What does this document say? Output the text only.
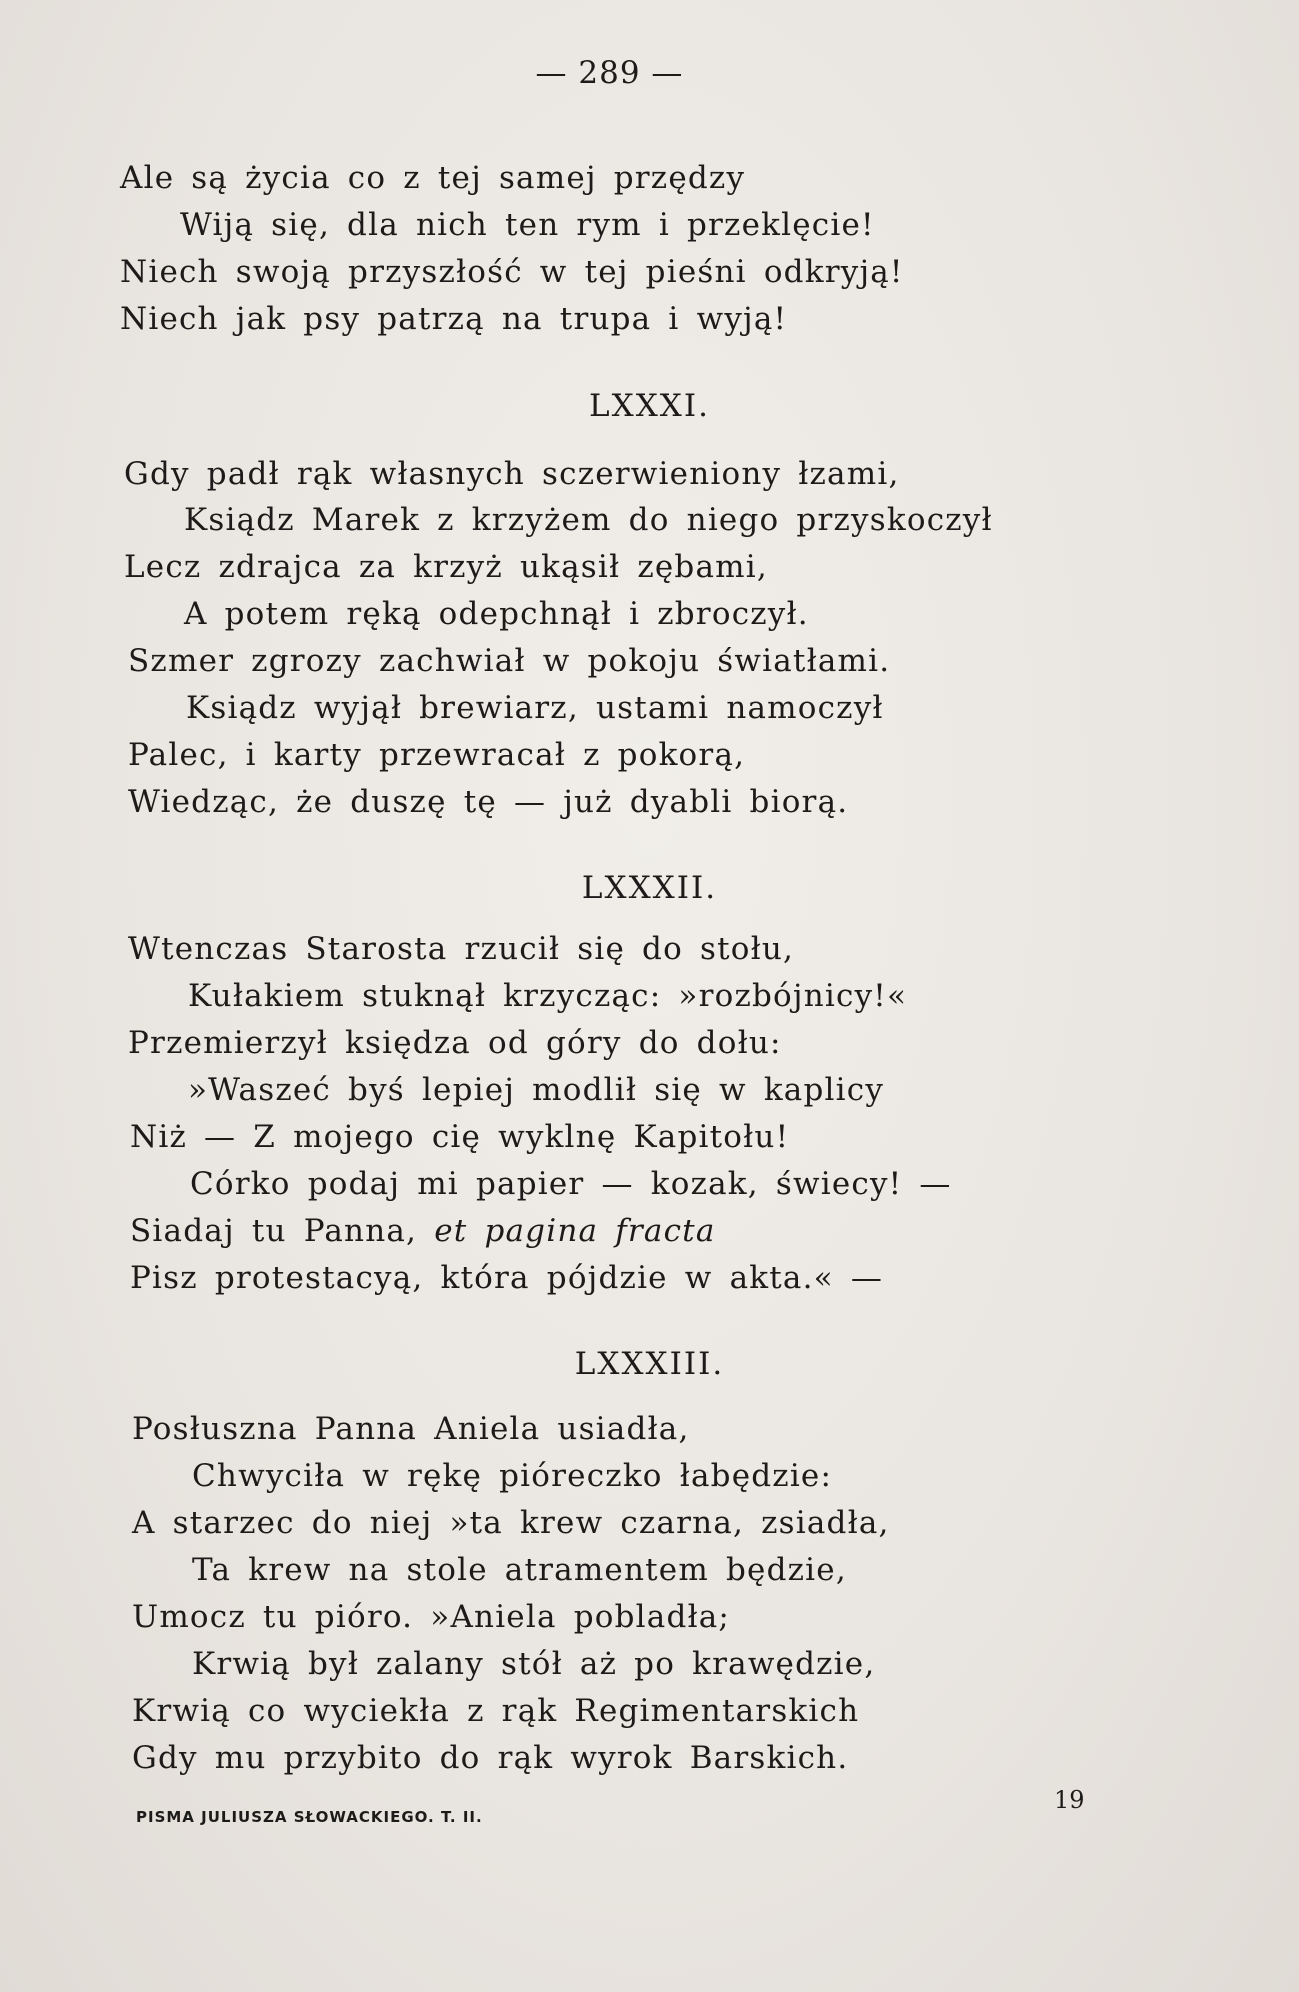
— 289 —
Ale są życia co z tej samej przędzy
Wiją się, dla nich ten rym i przeklęcie!
Niech swoją przyszłość w tej pieśni odkryją!
Niech jak psy patrzą na trupa i wyją!
LXXXI.
Gdy padł rąk własnych sczerwieniony łzami,
Ksiądz Marek z krzyżem do niego przyskoczył
Lecz zdrajca za krzyż ukąsił zębami,
A potem ręką odepchnął i zbroczył.
Szmer zgrozy zachwiał w pokoju światłami.
Ksiądz wyjął brewiarz, ustami namoczył
Palec, i karty przewracał z pokorą,
Wiedząc, że duszę tę — już dyabli biorą.
LXXXII.
Wtenczas Starosta rzucił się do stołu,
Kułakiem stuknął krzycząc: »rozbójnicy!«
Przemierzył księdza od góry do dołu:
»Waszeć byś lepiej modlił się w kaplicy
Niż — Z mojego cię wyklnę Kapitołu!
Córko podaj mi papier — kozak, świecy! —
Siadaj tu Panna, et pagina fracta
Pisz protestacyą, która pójdzie w akta.« —
LXXXIII.
Posłuszna Panna Aniela usiadła,
Chwyciła w rękę pióreczko łabędzie:
A starzec do niej »ta krew czarna, zsiadła,
Ta krew na stole atramentem będzie,
Umocz tu pióro. »Aniela pobladła;
Krwią był zalany stół aż po krawędzie,
Krwią co wyciekła z rąk Regimentarskich
Gdy mu przybito do rąk wyrok Barskich.
PISMA JULIUSZA SŁOWACKIEGO. T. II.
19
